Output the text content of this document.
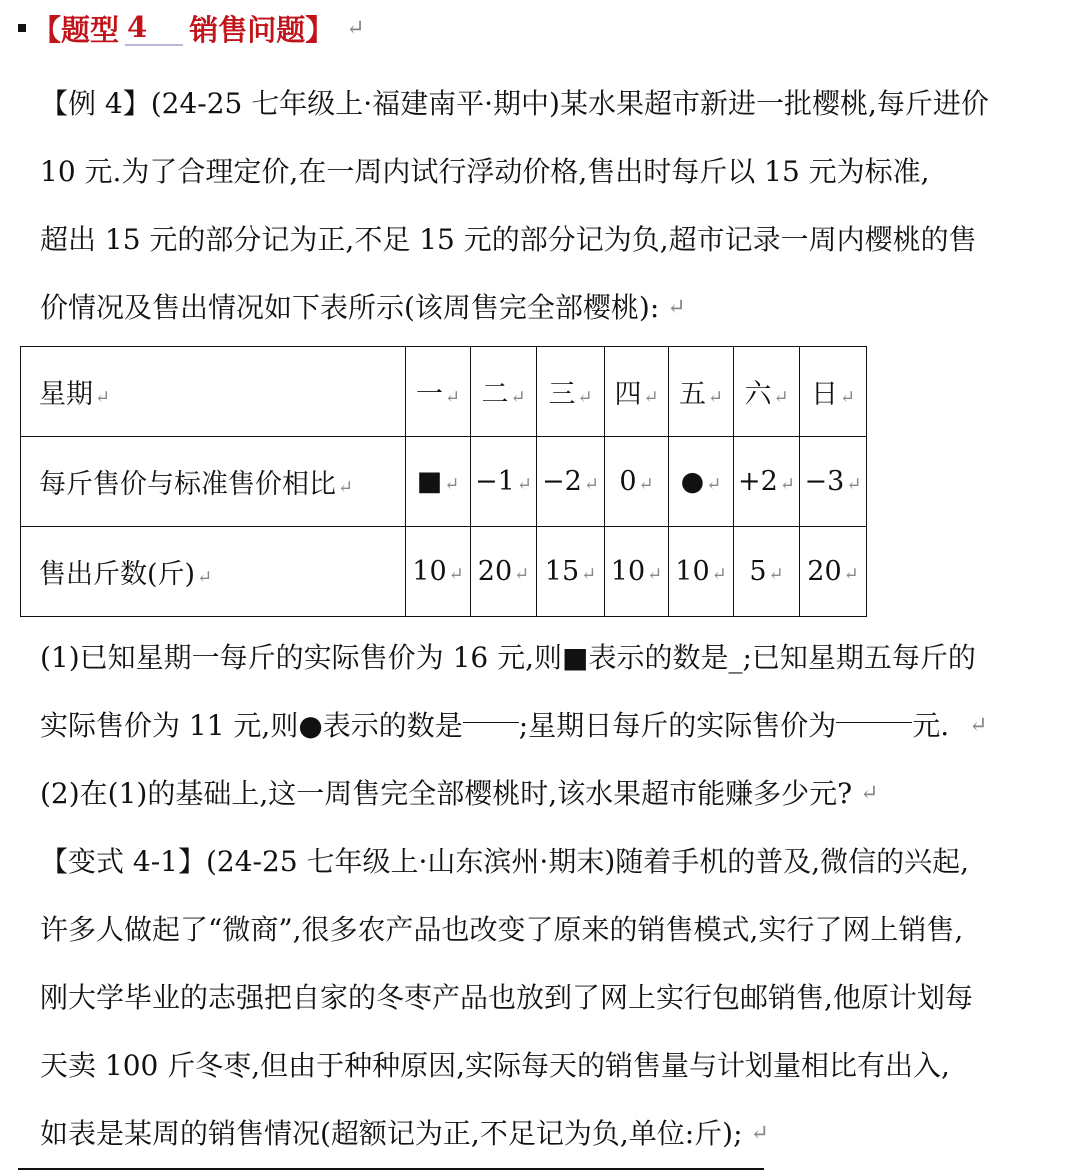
【题型 4	销售问题】 ↵
【例 4】(24-25 七年级上·福建南平·期中)某水果超市新进一批樱桃,每斤进价
10 元.为了合理定价,在一周内试行浮动价格,售出时每斤以 15 元为标准,
超出 15 元的部分记为正,不足 15 元的部分记为负,超市记录一周内樱桃的售
价情况及售出情况如下表所示(该周售完全部樱桃): ↵
星期 ↵	一 ↵	二 ↵	三 ↵	四 ↵	五 ↵	六 ↵	日 ↵
每斤售价与标准售价相比 ↵	■ ↵	−1 ↵	−2 ↵	0 ↵	● ↵	+2 ↵	−3 ↵
售出斤数(斤) ↵	10 ↵	20 ↵	15 ↵	10 ↵	10 ↵	5 ↵	20 ↵
(1)已知星期一每斤的实际售价为 16 元,则■表示的数是_;已知星期五每斤的
实际售价为 11 元,则●表示的数是 ;星期日每斤的实际售价为	元. ↵
(2)在(1)的基础上,这一周售完全部樱桃时,该水果超市能赚多少元? ↵
【变式 4-1】(24-25 七年级上·山东滨州·期末)随着手机的普及,微信的兴起,
许多人做起了“微商”,很多农产品也改变了原来的销售模式,实行了网上销售,
刚大学毕业的志强把自家的冬枣产品也放到了网上实行包邮销售,他原计划每
天卖 100 斤冬枣,但由于种种原因,实际每天的销售量与计划量相比有出入,
如表是某周的销售情况(超额记为正,不足记为负,单位:斤); ↵
